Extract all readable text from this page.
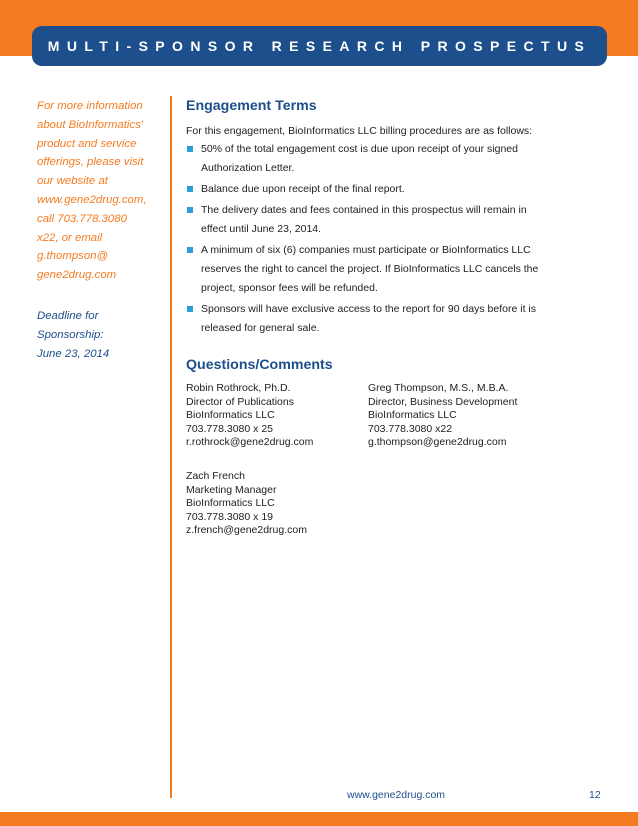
MULTI-SPONSOR RESEARCH PROSPECTUS
For more information
about BioInformatics'
product and service
offerings, please visit
our website at
www.gene2drug.com,
call 703.778.3080
x22, or email
g.thompson@
gene2drug.com
Deadline for
Sponsorship:
June 23, 2014
Engagement Terms
For this engagement, BioInformatics LLC billing procedures are as follows:
50% of the total engagement cost is due upon receipt of your signed
Authorization Letter.
Balance due upon receipt of the final report.
The delivery dates and fees contained in this prospectus will remain in
effect until June 23, 2014.
A minimum of six (6) companies must participate or BioInformatics LLC
reserves the right to cancel the project. If BioInformatics LLC cancels the
project, sponsor fees will be refunded.
Sponsors will have exclusive access to the report for 90 days before it is
released for general sale.
Questions/Comments
Robin Rothrock, Ph.D.
Director of Publications
BioInformatics LLC
703.778.3080 x 25
r.rothrock@gene2drug.com
Greg Thompson, M.S., M.B.A.
Director, Business Development
BioInformatics LLC
703.778.3080 x22
g.thompson@gene2drug.com
Zach French
Marketing Manager
BioInformatics LLC
703.778.3080 x 19
z.french@gene2drug.com
www.gene2drug.com	12
